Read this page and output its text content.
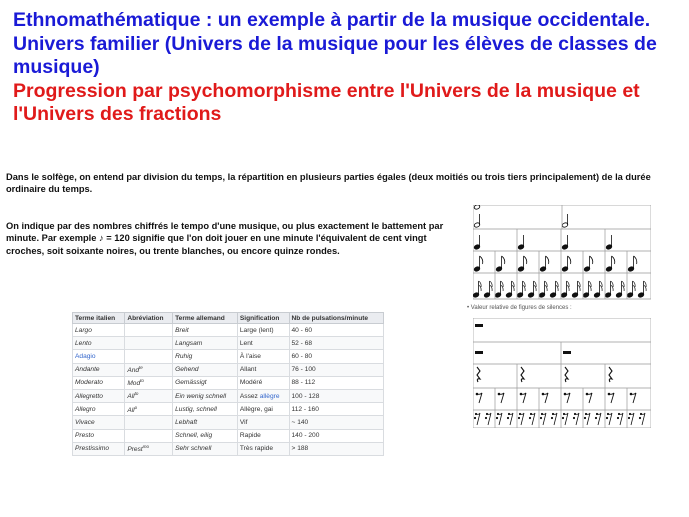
Ethnomathématique : un exemple à partir de la musique occidentale. Univers familier (Univers de la musique pour les élèves de classes de musique)
Progression par psychomorphisme entre l'Univers de la musique et l'Univers des fractions
Dans le solfège, on entend par division du temps, la répartition en plusieurs parties égales (deux moitiés ou trois tiers principalement) de la durée ordinaire du temps.
On indique par des nombres chiffrés le tempo d'une musique, ou plus exactement le battement par minute. Par exemple ♪ = 120 signifie que l'on doit jouer en une minute l'équivalent de cent vingt croches, soit soixante noires, ou trente blanches, ou encore quinze rondes.
Terme italien	Abréviation	Terme allemand	Signification	Nb de pulsations/minute
Largo		Breit	Large (lent)	40 - 60
Lento		Langsam	Lent	52 - 68
Adagio		Ruhig	À l'aise	60 - 80
Andante	And$^{te}$	Gehend	Allant	76 - 100
Moderato	Mod$^{to}$	Gemässigt	Modéré	88 - 112
Allegretto	All$^{to}$	Ein wenig schnell	Assez allègre	100 - 128
Allegro	All$^o$	Lustig, schnell	Allègre, gai	112 - 160
Vivace		Lebhaft	Vif	~ 140
Presto		Schnell, eilig	Rapide	140 - 200
Prestissimo	Prest$^{mo}$	Sehr schnell	Très rapide	> 188
• Valeur relative de figures de silences :
